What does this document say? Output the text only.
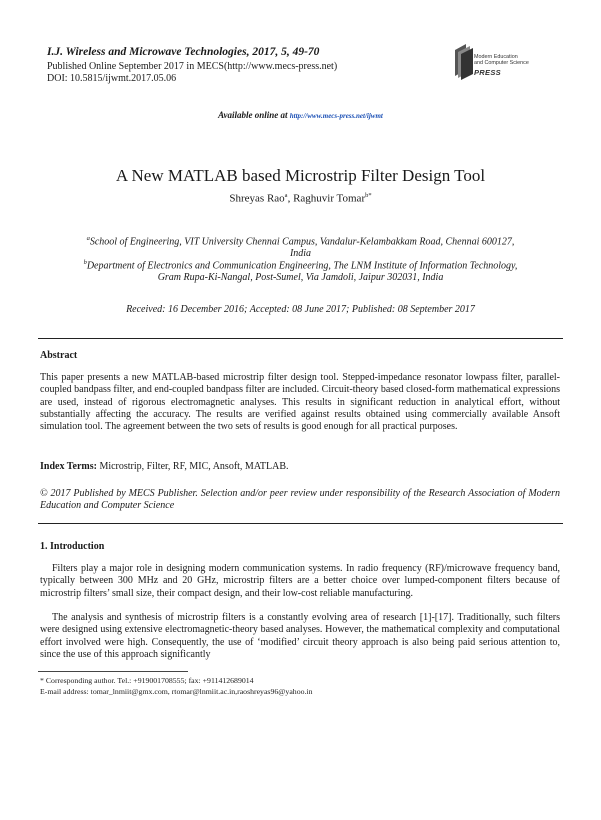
I.J. Wireless and Microwave Technologies, 2017, 5, 49-70
Published Online September 2017 in MECS(http://www.mecs-press.net)
DOI: 10.5815/ijwmt.2017.05.06
Modern Education
and Computer Science
PRESS
Available online at http://www.mecs-press.net/ijwmt
A New MATLAB based Microstrip Filter Design Tool
Shreyas Rao$^a$, Raghuvir Tomar$^{b*}$
$^a$School of Engineering, VIT University Chennai Campus, Vandalur-Kelambakkam Road, Chennai 600127,
India
$^b$Department of Electronics and Communication Engineering, The LNM Institute of Information Technology,
Gram Rupa-Ki-Nangal, Post-Sumel, Via Jamdoli, Jaipur 302031, India
Received: 16 December 2016; Accepted: 08 June 2017; Published: 08 September 2017
Abstract
This paper presents a new MATLAB-based microstrip filter design tool. Stepped-impedance resonator lowpass filter, parallel-coupled bandpass filter, and end-coupled bandpass filter are included. Circuit-theory based closed-form mathematical expressions are used, instead of rigorous electromagnetic analyses. This results in significant reduction in analytical effort, without substantially affecting the accuracy. The results are verified against results obtained using commercially available Ansoft simulation tool. The agreement between the two sets of results is good enough for all practical purposes.
Index Terms: Microstrip, Filter, RF, MIC, Ansoft, MATLAB.
© 2017 Published by MECS Publisher. Selection and/or peer review under responsibility of the Research Association of Modern Education and Computer Science
1. Introduction
Filters play a major role in designing modern communication systems. In radio frequency (RF)/microwave frequency band, typically between 300 MHz and 20 GHz, microstrip filters are a better choice over lumped-component filters because of microstrip filters’ small size, their compact design, and their low-cost reliable manufacturing.
The analysis and synthesis of microstrip filters is a constantly evolving area of research [1]-[17]. Traditionally, such filters were designed using extensive electromagnetic-theory based analyses. However, the mathematical complexity and computational effort involved were high. Consequently, the use of ‘modified’ circuit theory approach is also being paid serious attention to, since the use of this approach significantly
* Corresponding author. Tel.: +919001708555; fax: +911412689014
E-mail address: tomar_lnmiit@gmx.com, rtomar@lnmiit.ac.in,raoshreyas96@yahoo.in
